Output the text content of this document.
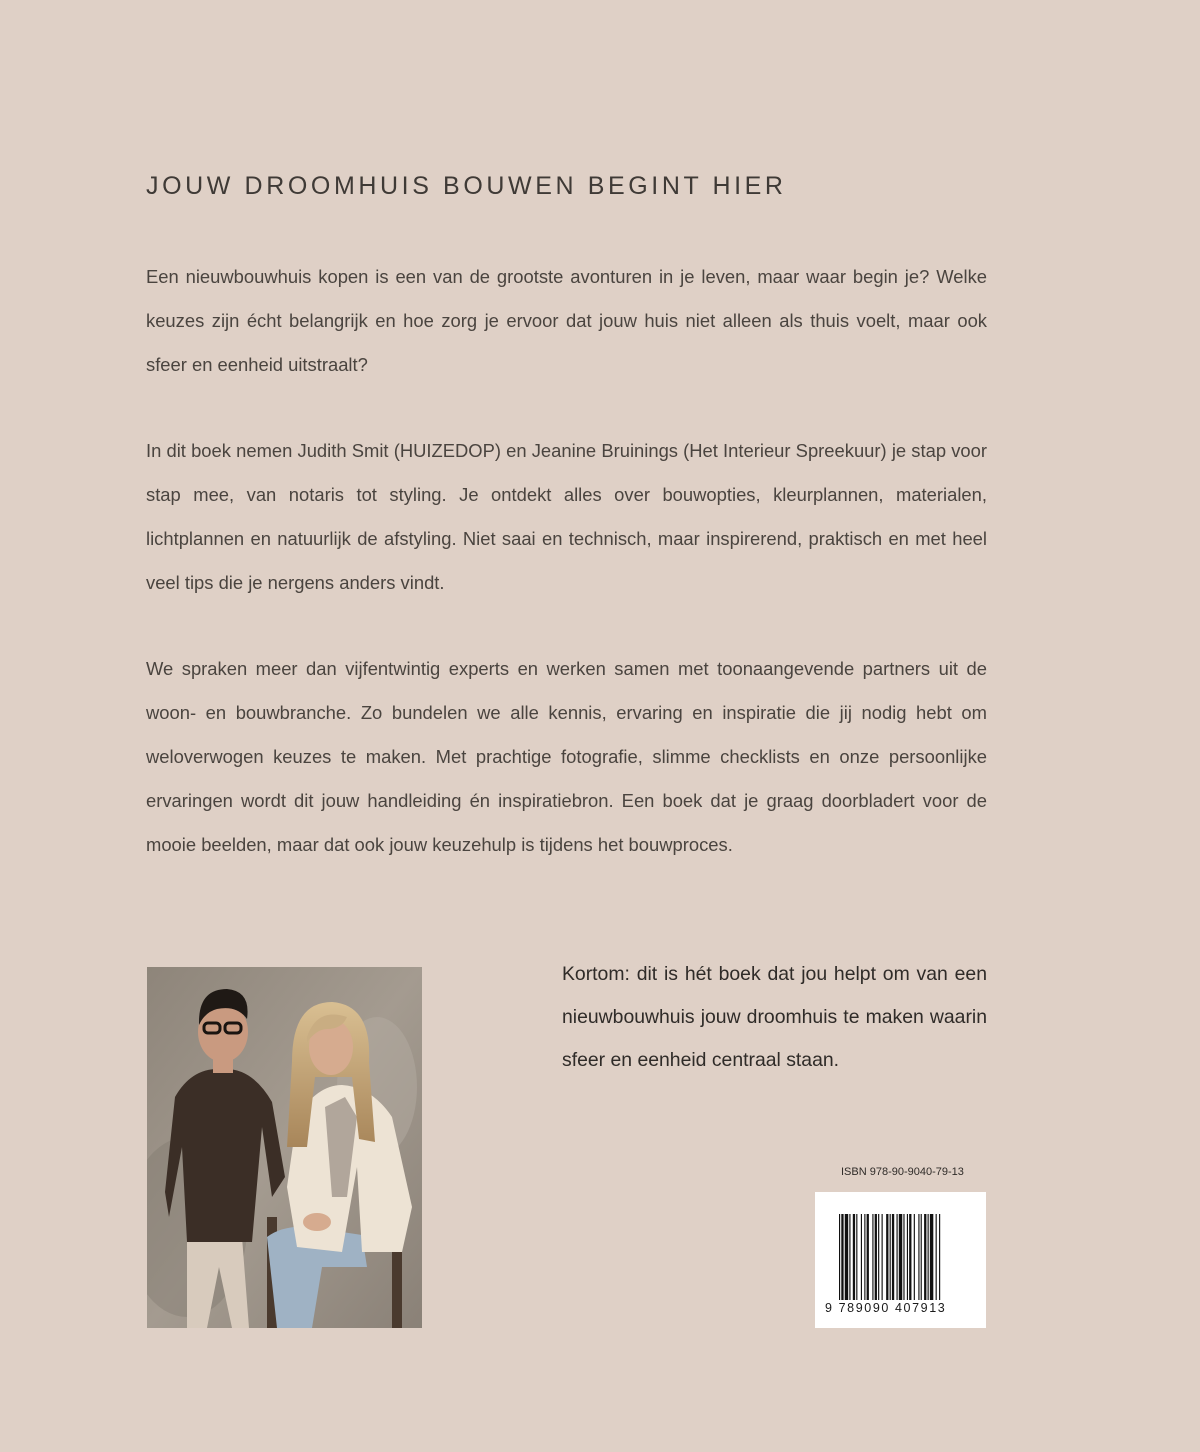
JOUW DROOMHUIS BOUWEN BEGINT HIER

Een nieuwbouwhuis kopen is een van de grootste avonturen in je leven, maar waar begin je? Welke keuzes zijn écht belangrijk en hoe zorg je ervoor dat jouw huis niet alleen als thuis voelt, maar ook sfeer en eenheid uitstraalt?

In dit boek nemen Judith Smit (HUIZEDOP) en Jeanine Bruinings (Het Interieur Spreekuur) je stap voor stap mee, van notaris tot styling. Je ontdekt alles over bouwopties, kleurplannen, materialen, lichtplannen en natuurlijk de afstyling. Niet saai en technisch, maar inspirerend, praktisch en met heel veel tips die je nergens anders vindt.

We spraken meer dan vijfentwintig experts en werken samen met toonaangevende partners uit de woon- en bouwbranche. Zo bundelen we alle kennis, ervaring en inspiratie die jij nodig hebt om weloverwogen keuzes te maken. Met prachtige fotografie, slimme checklists en onze persoonlijke ervaringen wordt dit jouw handleiding én inspiratiebron. Een boek dat je graag doorbladert voor de mooie beelden, maar dat ook jouw keuzehulp is tijdens het bouwproces.

Kortom: dit is hét boek dat jou helpt om van een nieuwbouwhuis jouw droomhuis te maken waarin sfeer en eenheid centraal staan.

ISBN 978-90-9040-79-13
9 789090 407913
